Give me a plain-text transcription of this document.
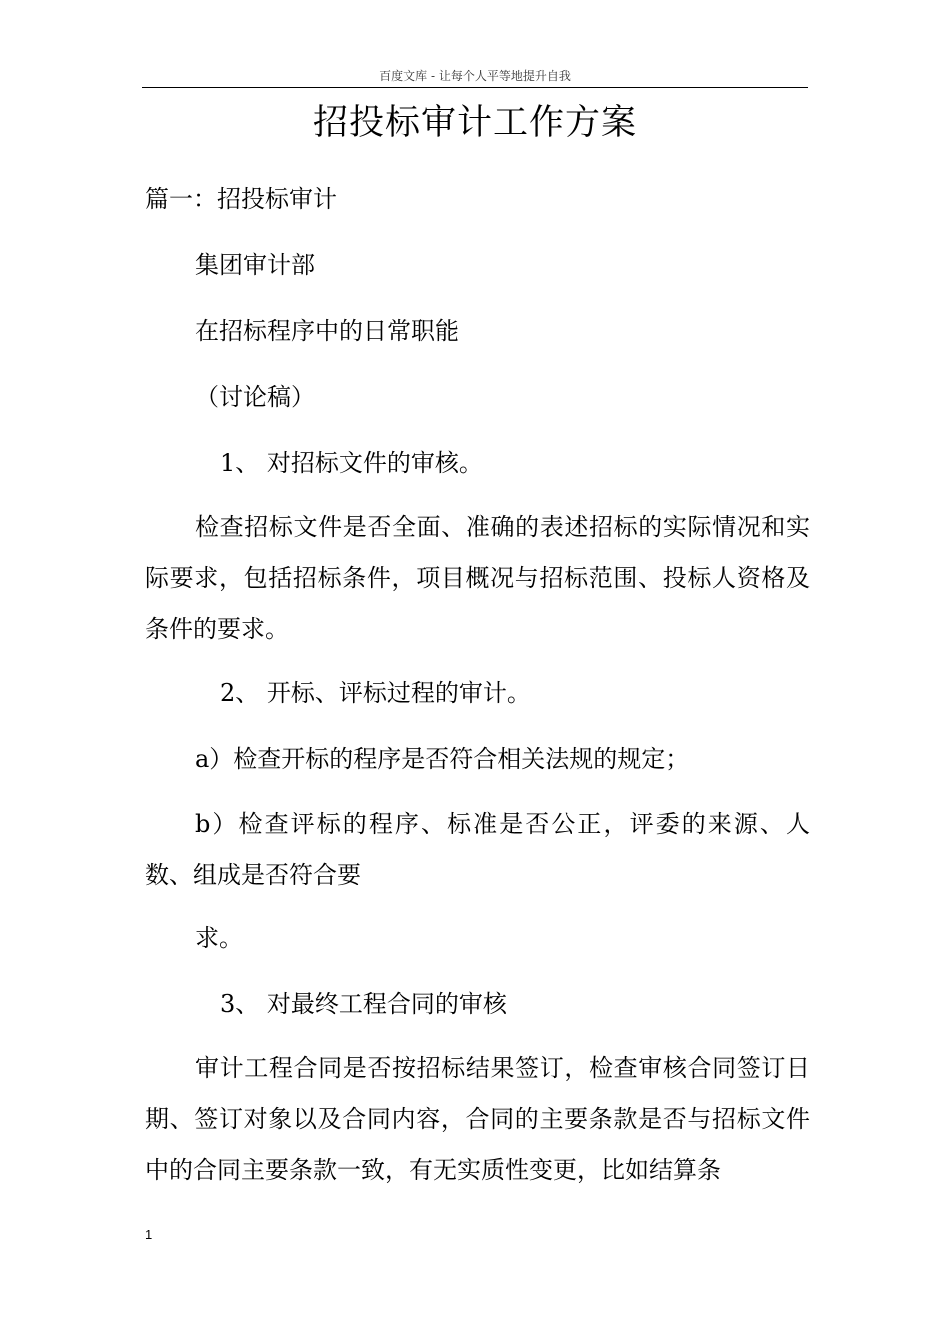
百度文库 - 让每个人平等地提升自我
招投标审计工作方案
篇一：招投标审计
集团审计部
在招标程序中的日常职能
（讨论稿）
1、 对招标文件的审核。
检查招标文件是否全面、准确的表述招标的实际情况和实际要求，包括招标条件，项目概况与招标范围、投标人资格及条件的要求。
2、 开标、评标过程的审计。
a）检查开标的程序是否符合相关法规的规定；
b）检查评标的程序、标准是否公正，评委的来源、人数、组成是否符合要
求。
3、 对最终工程合同的审核
审计工程合同是否按招标结果签订，检查审核合同签订日期、签订对象以及合同内容，合同的主要条款是否与招标文件中的合同主要条款一致，有无实质性变更，比如结算条
1
